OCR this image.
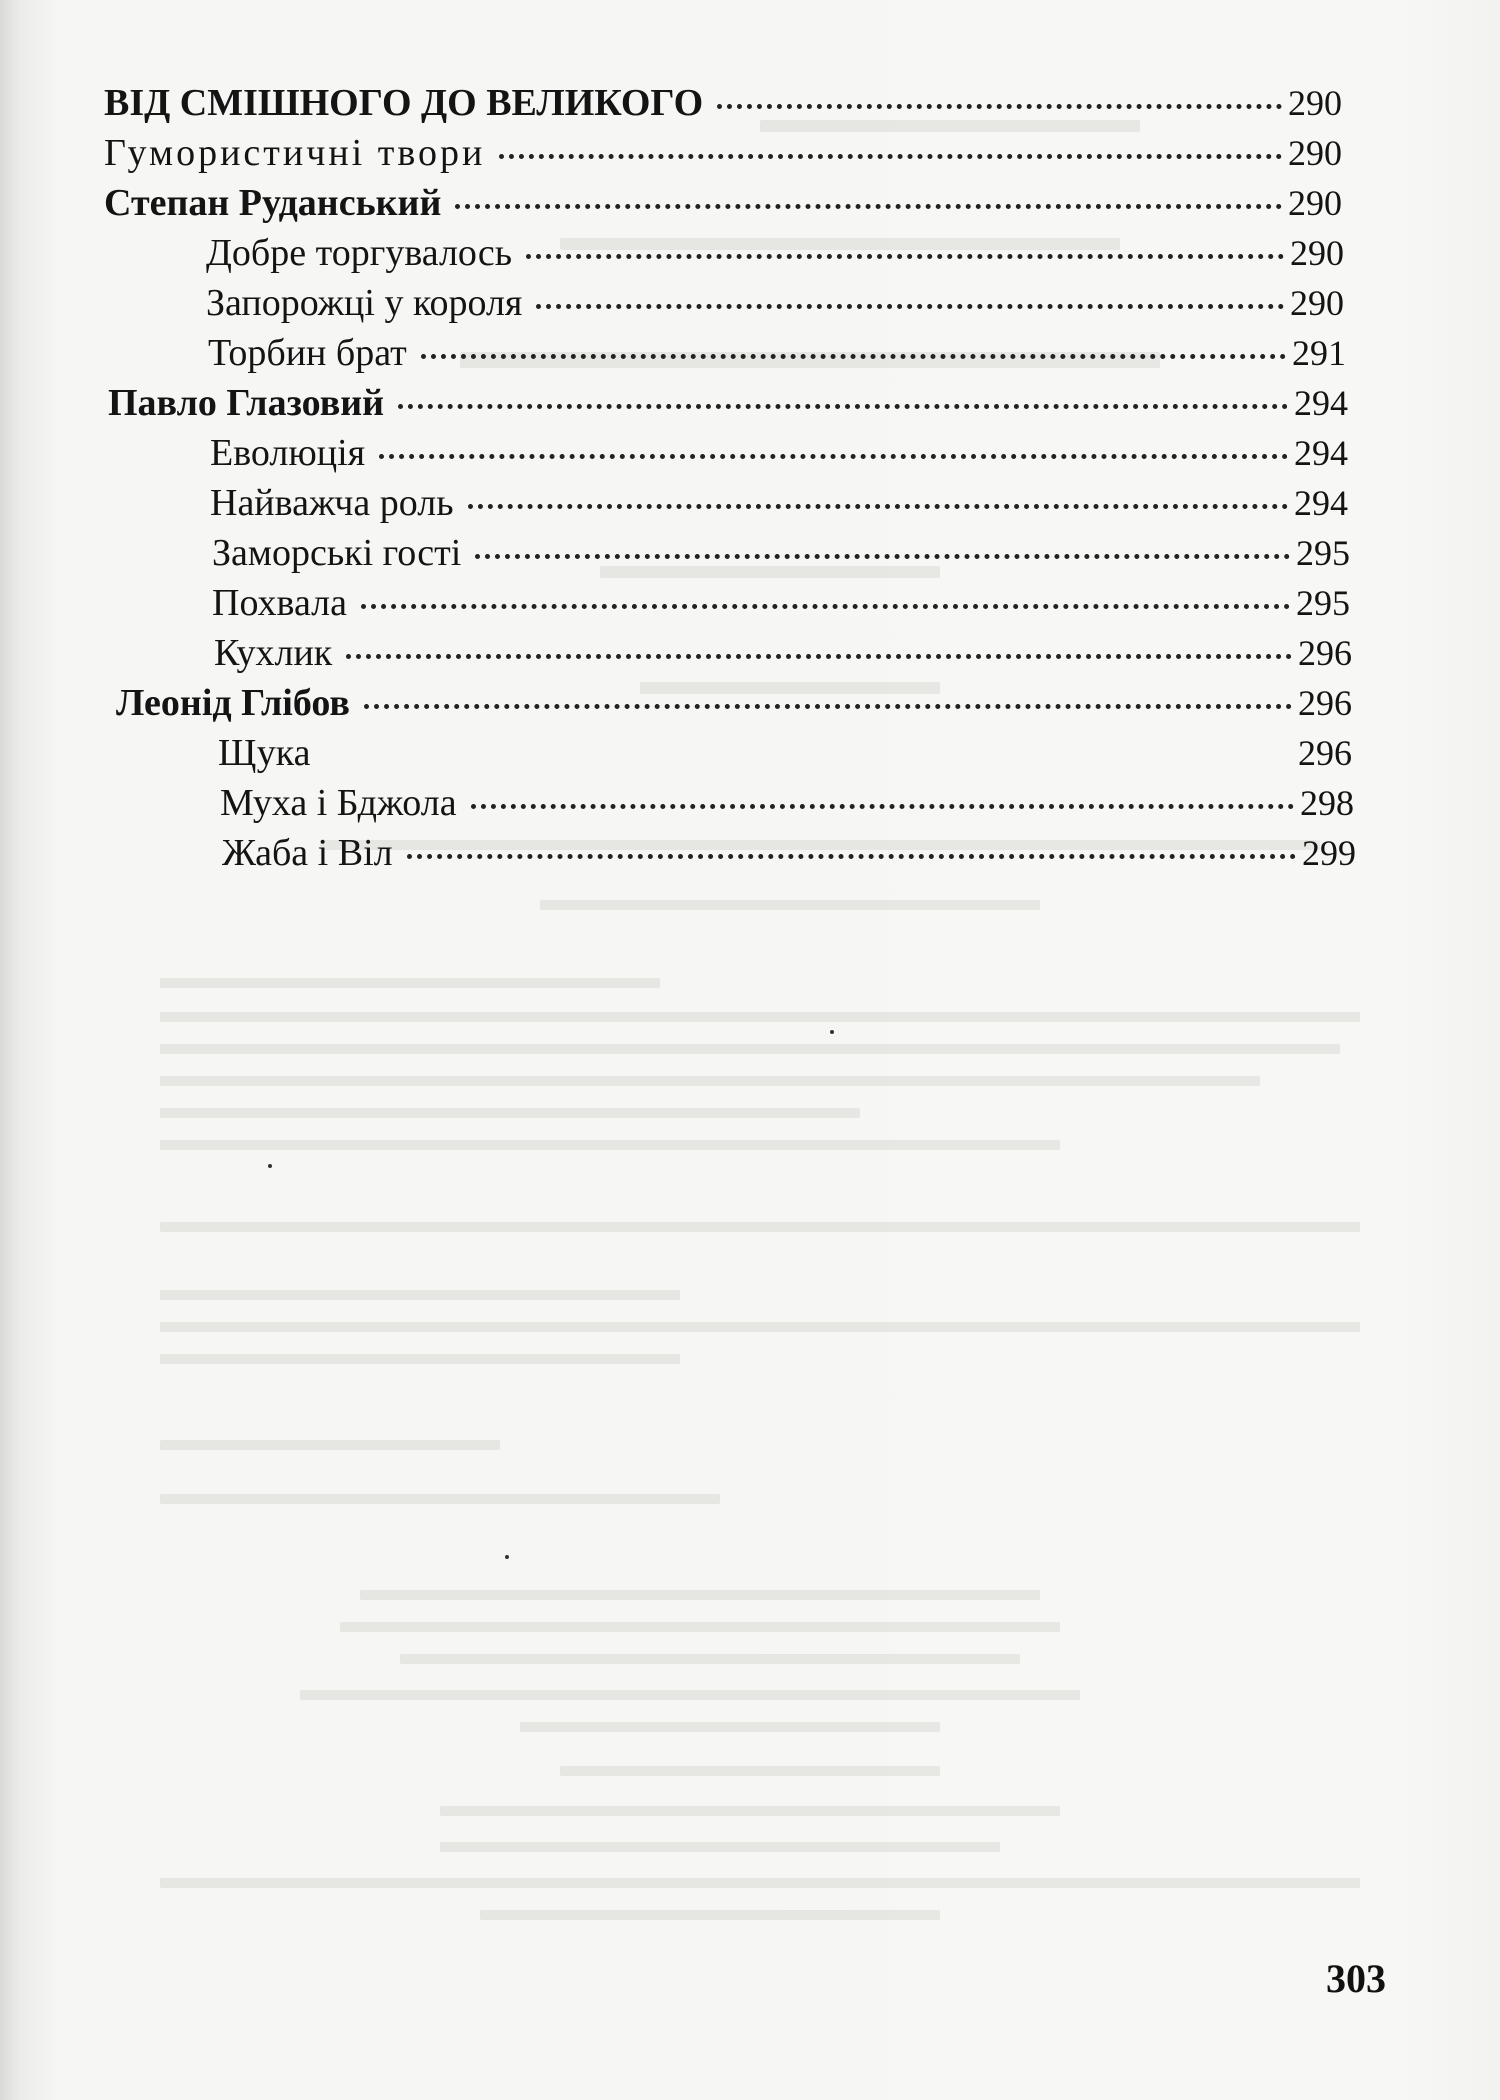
ВІД СМІШНОГО ДО ВЕЛИКОГО	290
Гумористичні твори	290
Степан Руданський	290
Добре торгувалось	290
Запорожці у короля	290
Торбин брат	291
Павло Глазовий	294
Еволюція	294
Найважча роль	294
Заморські гості	295
Похвала	295
Кухлик	296
Леонід Глібов	296
Щука	296
Муха і Бджола	298
Жаба і Віл	299
303
